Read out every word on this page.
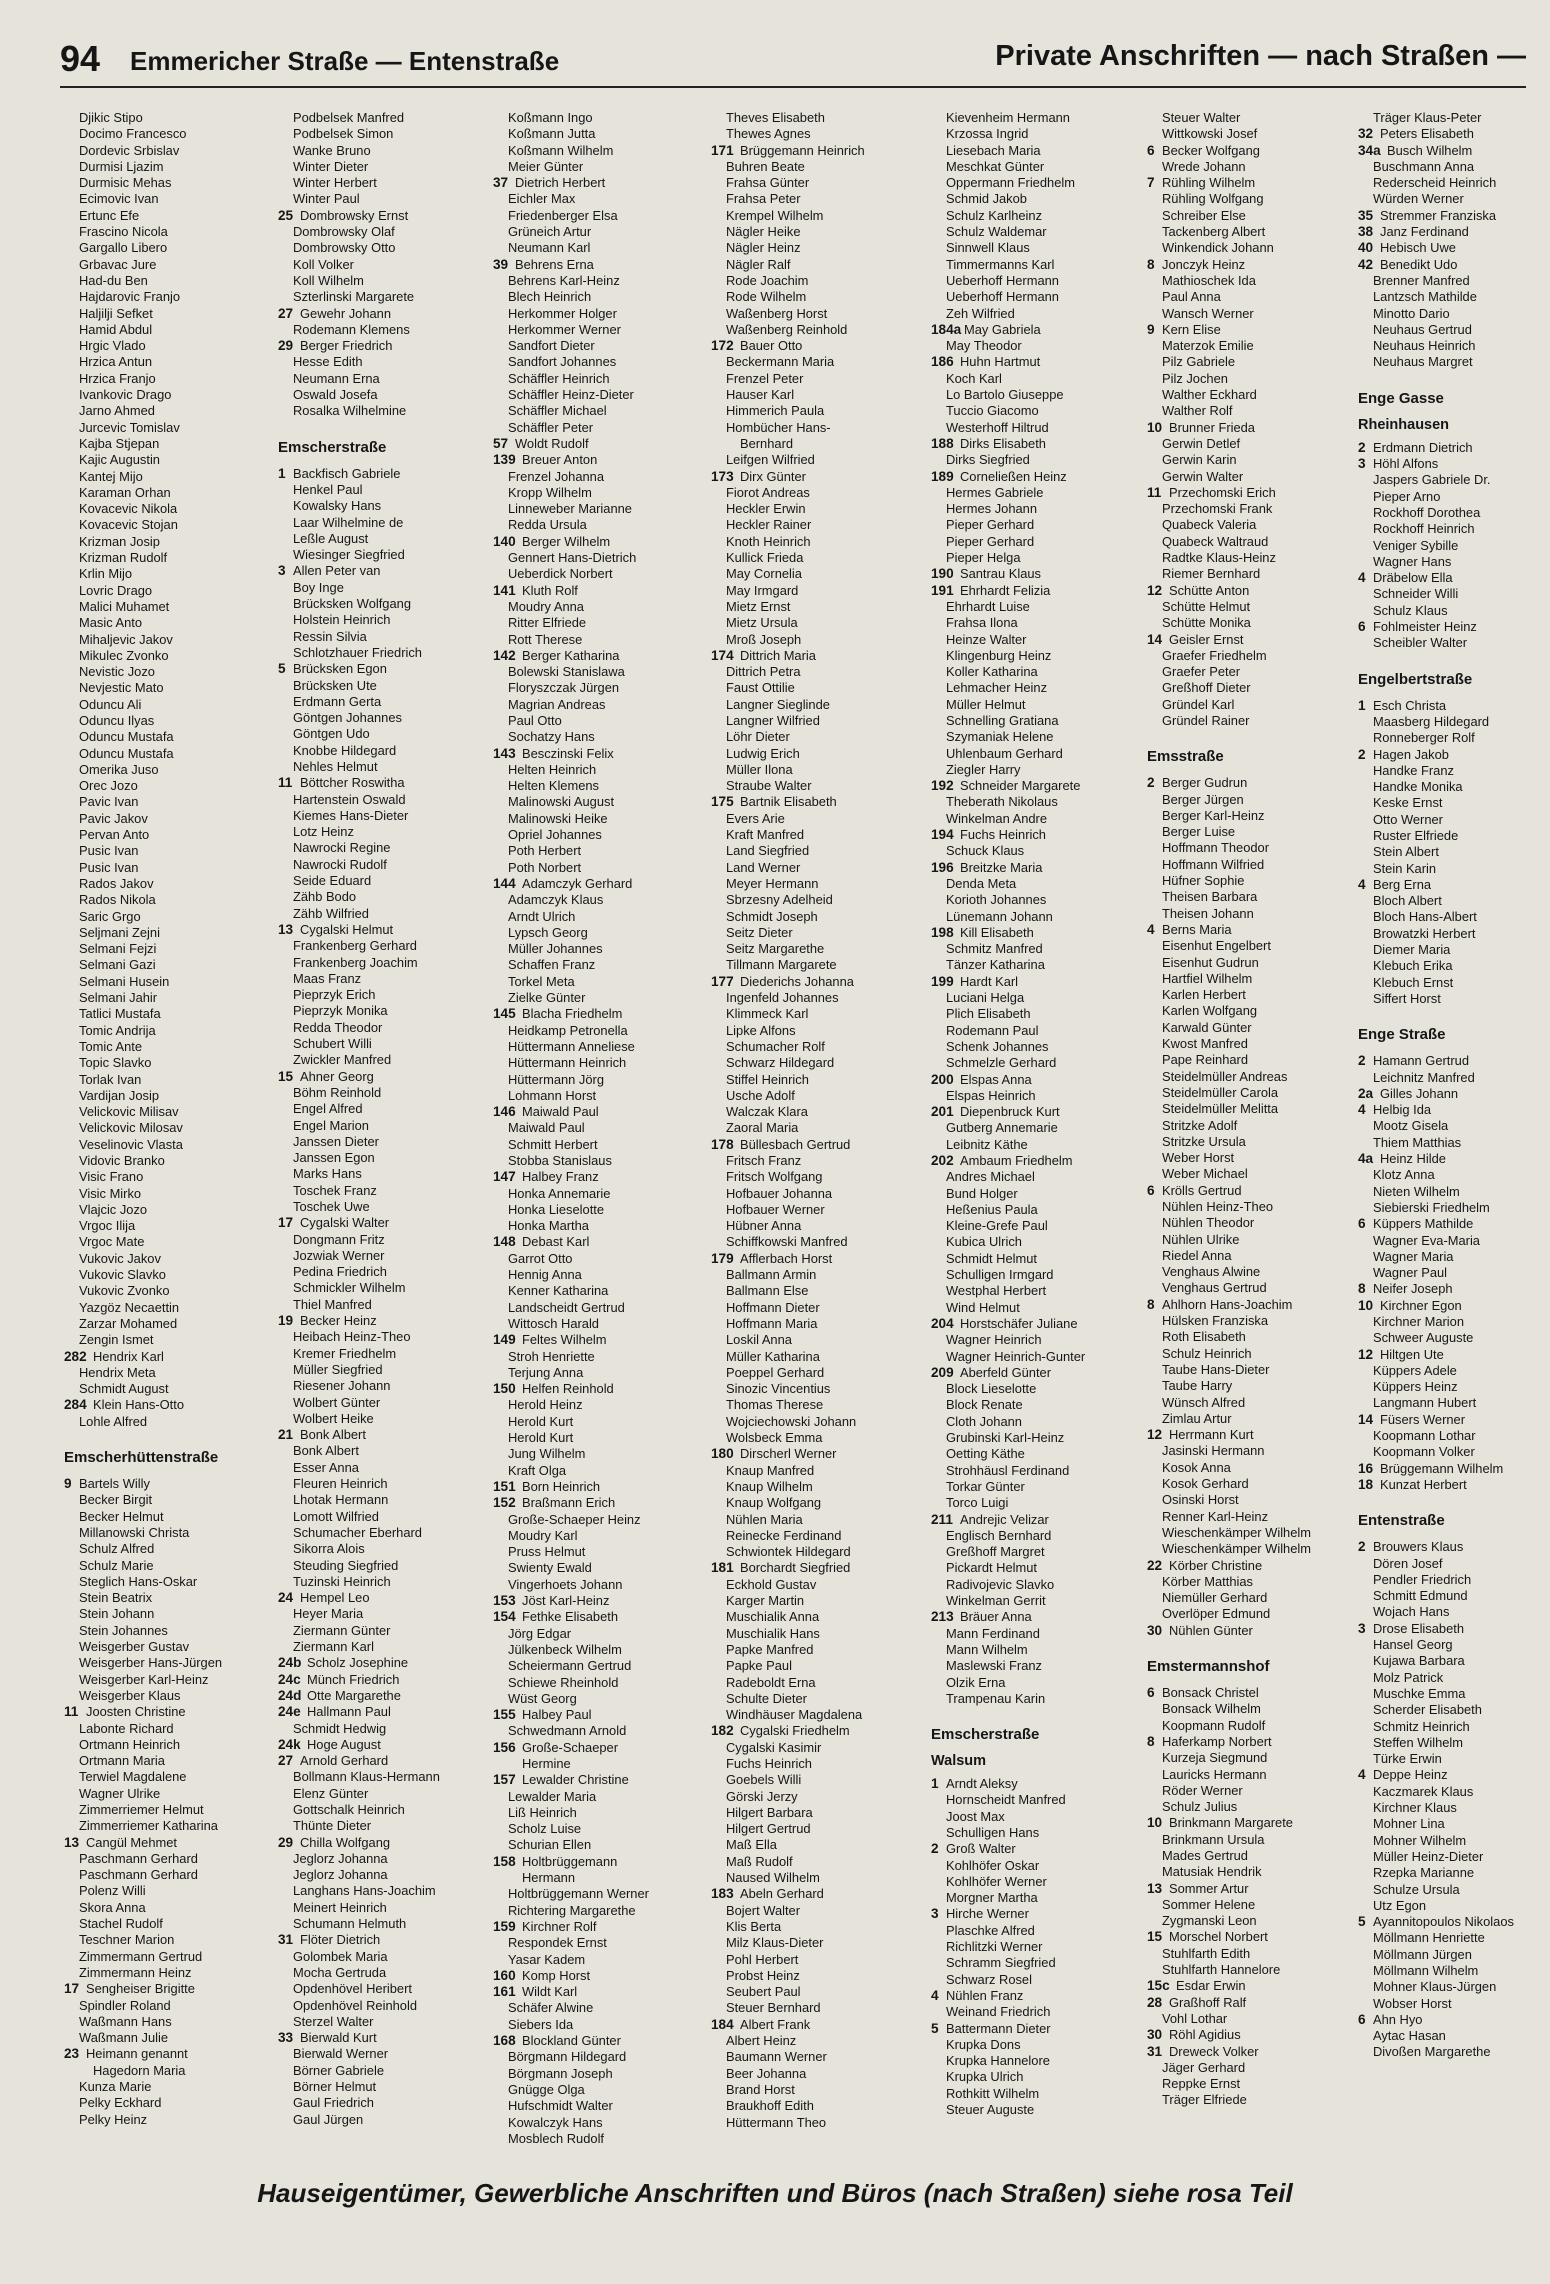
94 Emmericher Straße — Entenstraße	Private Anschriften — nach Straßen —
Djikic Stipo
Docimo Francesco
Dordevic Srbislav
Durmisi Ljazim
Durmisic Mehas
Ecimovic Ivan
Ertunc Efe
Frascino Nicola
Gargallo Libero
Grbavac Jure
Had-du Ben
Hajdarovic Franjo
Haljilji Sefket
Hamid Abdul
Hrgic Vlado
Hrzica Antun
Hrzica Franjo
Ivankovic Drago
Jarno Ahmed
Jurcevic Tomislav
Kajba Stjepan
Kajic Augustin
Kantej Mijo
Karaman Orhan
Kovacevic Nikola
Kovacevic Stojan
Krizman Josip
Krizman Rudolf
Krlin Mijo
Lovric Drago
Malici Muhamet
Masic Anto
Mihaljevic Jakov
Mikulec Zvonko
Nevistic Jozo
Nevjestic Mato
Oduncu Ali
Oduncu Ilyas
Oduncu Mustafa
Oduncu Mustafa
Omerika Juso
Orec Jozo
Pavic Ivan
Pavic Jakov
Pervan Anto
Pusic Ivan
Pusic Ivan
Rados Jakov
Rados Nikola
Saric Grgo
Seljmani Zejni
Selmani Fejzi
Selmani Gazi
Selmani Husein
Selmani Jahir
Tatlici Mustafa
Tomic Andrija
Tomic Ante
Topic Slavko
Torlak Ivan
Vardijan Josip
Velickovic Milisav
Velickovic Milosav
Veselinovic Vlasta
Vidovic Branko
Visic Frano
Visic Mirko
Vlajcic Jozo
Vrgoc Ilija
Vrgoc Mate
Vukovic Jakov
Vukovic Slavko
Vukovic Zvonko
Yazgöz Necaettin
Zarzar Mohamed
Zengin Ismet
282 Hendrix Karl
Hendrix Meta
Schmidt August
284 Klein Hans-Otto
Lohle Alfred
Emscherhüttenstraße
9 Bartels Willy
Becker Birgit
Becker Helmut
Millanowski Christa
Schulz Alfred
Schulz Marie
Steglich Hans-Oskar
Stein Beatrix
Stein Johann
Stein Johannes
Weisgerber Gustav
Weisgerber Hans-Jürgen
Weisgerber Karl-Heinz
Weisgerber Klaus
11 Joosten Christine
Labonte Richard
Ortmann Heinrich
Ortmann Maria
Terwiel Magdalene
Wagner Ulrike
Zimmerriemer Helmut
Zimmerriemer Katharina
13 Cangül Mehmet
Paschmann Gerhard
Paschmann Gerhard
Polenz Willi
Skora Anna
Stachel Rudolf
Teschner Marion
Zimmermann Gertrud
Zimmermann Heinz
17 Sengheiser Brigitte
Spindler Roland
Waßmann Hans
Waßmann Julie
23 Heimann genannt
Hagedorn Maria
Kunza Marie
Pelky Eckhard
Pelky Heinz
Podbelsek Manfred
Podbelsek Simon
Wanke Bruno
Winter Dieter
Winter Herbert
Winter Paul
25 Dombrowsky Ernst
Dombrowsky Olaf
Dombrowsky Otto
Koll Volker
Koll Wilhelm
Szterlinski Margarete
27 Gewehr Johann
Rodemann Klemens
29 Berger Friedrich
Hesse Edith
Neumann Erna
Oswald Josefa
Rosalka Wilhelmine
Emscherstraße
1 Backfisch Gabriele
Henkel Paul
Kowalsky Hans
Laar Wilhelmine de
Leßle August
Wiesinger Siegfried
3 Allen Peter van
Boy Inge
Brücksken Wolfgang
Holstein Heinrich
Ressin Silvia
Schlotzhauer Friedrich
5 Brücksken Egon
Brücksken Ute
Erdmann Gerta
Göntgen Johannes
Göntgen Udo
Knobbe Hildegard
Nehles Helmut
11 Böttcher Roswitha
Hartenstein Oswald
Kiemes Hans-Dieter
Lotz Heinz
Nawrocki Regine
Nawrocki Rudolf
Seide Eduard
Zähb Bodo
Zähb Wilfried
13 Cygalski Helmut
Frankenberg Gerhard
Frankenberg Joachim
Maas Franz
Pieprzyk Erich
Pieprzyk Monika
Redda Theodor
Schubert Willi
Zwickler Manfred
15 Ahner Georg
Böhm Reinhold
Engel Alfred
Engel Marion
Janssen Dieter
Janssen Egon
Marks Hans
Toschek Franz
Toschek Uwe
17 Cygalski Walter
Dongmann Fritz
Jozwiak Werner
Pedina Friedrich
Schmickler Wilhelm
Thiel Manfred
19 Becker Heinz
Heibach Heinz-Theo
Kremer Friedhelm
Müller Siegfried
Riesener Johann
Wolbert Günter
Wolbert Heike
21 Bonk Albert
Bonk Albert
Esser Anna
Fleuren Heinrich
Lhotak Hermann
Lomott Wilfried
Schumacher Eberhard
Sikorra Alois
Steuding Siegfried
Tuzinski Heinrich
24 Hempel Leo
Heyer Maria
Ziermann Günter
Ziermann Karl
24b Scholz Josephine
24c Münch Friedrich
24d Otte Margarethe
24e Hallmann Paul
Schmidt Hedwig
24k Hoge August
27 Arnold Gerhard
Bollmann Klaus-Hermann
Elenz Günter
Gottschalk Heinrich
Thünte Dieter
29 Chilla Wolfgang
Jeglorz Johanna
Jeglorz Johanna
Langhans Hans-Joachim
Meinert Heinrich
Schumann Helmuth
31 Flöter Dietrich
Golombek Maria
Mocha Gertruda
Opdenhövel Heribert
Opdenhövel Reinhold
Sterzel Walter
33 Bierwald Kurt
Bierwald Werner
Börner Gabriele
Börner Helmut
Gaul Friedrich
Gaul Jürgen
Koßmann Ingo
Koßmann Jutta
Koßmann Wilhelm
Meier Günter
37 Dietrich Herbert
Eichler Max
Friedenberger Elsa
Grüneich Artur
Neumann Karl
39 Behrens Erna
Behrens Karl-Heinz
Blech Heinrich
Herkommer Holger
Herkommer Werner
Sandfort Dieter
Sandfort Johannes
Schäffler Heinrich
Schäffler Heinz-Dieter
Schäffler Michael
Schäffler Peter
57 Woldt Rudolf
139 Breuer Anton
Frenzel Johanna
Kropp Wilhelm
Linneweber Marianne
Redda Ursula
140 Berger Wilhelm
Gennert Hans-Dietrich
Ueberdick Norbert
141 Kluth Rolf
Moudry Anna
Ritter Elfriede
Rott Therese
142 Berger Katharina
Bolewski Stanislawa
Floryszczak Jürgen
Magrian Andreas
Paul Otto
Sochatzy Hans
143 Besczinski Felix
Helten Heinrich
Helten Klemens
Malinowski August
Malinowski Heike
Opriel Johannes
Poth Herbert
Poth Norbert
144 Adamczyk Gerhard
Adamczyk Klaus
Arndt Ulrich
Lypsch Georg
Müller Johannes
Schaffen Franz
Torkel Meta
Zielke Günter
145 Blacha Friedhelm
Heidkamp Petronella
Hüttermann Anneliese
Hüttermann Heinrich
Hüttermann Jörg
Lohmann Horst
146 Maiwald Paul
Maiwald Paul
Schmitt Herbert
Stobba Stanislaus
147 Halbey Franz
Honka Annemarie
Honka Lieselotte
Honka Martha
148 Debast Karl
Garrot Otto
Hennig Anna
Kenner Katharina
Landscheidt Gertrud
Wittosch Harald
149 Feltes Wilhelm
Stroh Henriette
Terjung Anna
150 Helfen Reinhold
Herold Heinz
Herold Kurt
Herold Kurt
Jung Wilhelm
Kraft Olga
151 Born Heinrich
152 Braßmann Erich
Große-Schaeper Heinz
Moudry Karl
Pruss Helmut
Swienty Ewald
Vingerhoets Johann
153 Jöst Karl-Heinz
154 Fethke Elisabeth
Jörg Edgar
Jülkenbeck Wilhelm
Scheiermann Gertrud
Schiewe Rheinhold
Wüst Georg
155 Halbey Paul
Schwedmann Arnold
156 Große-Schaeper
Hermine
157 Lewalder Christine
Lewalder Maria
Liß Heinrich
Scholz Luise
Schurian Ellen
158 Holtbrüggemann
Hermann
Holtbrüggemann Werner
Richtering Margarethe
159 Kirchner Rolf
Respondek Ernst
Yasar Kadem
160 Komp Horst
161 Wildt Karl
Schäfer Alwine
Siebers Ida
168 Blockland Günter
Börgmann Hildegard
Börgmann Joseph
Gnügge Olga
Hufschmidt Walter
Kowalczyk Hans
Mosblech Rudolf
Theves Elisabeth
Thewes Agnes
171 Brüggemann Heinrich
Buhren Beate
Frahsa Günter
Frahsa Peter
Krempel Wilhelm
Nägler Heike
Nägler Heinz
Nägler Ralf
Rode Joachim
Rode Wilhelm
Waßenberg Horst
Waßenberg Reinhold
172 Bauer Otto
Beckermann Maria
Frenzel Peter
Hauser Karl
Himmerich Paula
Hombücher Hans-
Bernhard
Leifgen Wilfried
173 Dirx Günter
Fiorot Andreas
Heckler Erwin
Heckler Rainer
Knoth Heinrich
Kullick Frieda
May Cornelia
May Irmgard
Mietz Ernst
Mietz Ursula
Mroß Joseph
174 Dittrich Maria
Dittrich Petra
Faust Ottilie
Langner Sieglinde
Langner Wilfried
Löhr Dieter
Ludwig Erich
Müller Ilona
Straube Walter
175 Bartnik Elisabeth
Evers Arie
Kraft Manfred
Land Siegfried
Land Werner
Meyer Hermann
Sbrzesny Adelheid
Schmidt Joseph
Seitz Dieter
Seitz Margarethe
Tillmann Margarete
177 Diederichs Johanna
Ingenfeld Johannes
Klimmeck Karl
Lipke Alfons
Schumacher Rolf
Schwarz Hildegard
Stiffel Heinrich
Usche Adolf
Walczak Klara
Zaoral Maria
178 Büllesbach Gertrud
Fritsch Franz
Fritsch Wolfgang
Hofbauer Johanna
Hofbauer Werner
Hübner Anna
Schiffkowski Manfred
179 Afflerbach Horst
Ballmann Armin
Ballmann Else
Hoffmann Dieter
Hoffmann Maria
Loskil Anna
Müller Katharina
Poeppel Gerhard
Sinozic Vincentius
Thomas Therese
Wojciechowski Johann
Wolsbeck Emma
180 Dirscherl Werner
Knaup Manfred
Knaup Wilhelm
Knaup Wolfgang
Nühlen Maria
Reinecke Ferdinand
Schwiontek Hildegard
181 Borchardt Siegfried
Eckhold Gustav
Karger Martin
Muschialik Anna
Muschialik Hans
Papke Manfred
Papke Paul
Radeboldt Erna
Schulte Dieter
Windhäuser Magdalena
182 Cygalski Friedhelm
Cygalski Kasimir
Fuchs Heinrich
Goebels Willi
Görski Jerzy
Hilgert Barbara
Hilgert Gertrud
Maß Ella
Maß Rudolf
Naused Wilhelm
183 Abeln Gerhard
Bojert Walter
Klis Berta
Milz Klaus-Dieter
Pohl Herbert
Probst Heinz
Seubert Paul
Steuer Bernhard
184 Albert Frank
Albert Heinz
Baumann Werner
Beer Johanna
Brand Horst
Braukhoff Edith
Hüttermann Theo
Kievenheim Hermann
Krzossa Ingrid
Liesebach Maria
Meschkat Günter
Oppermann Friedhelm
Schmid Jakob
Schulz Karlheinz
Schulz Waldemar
Sinnwell Klaus
Timmermanns Karl
Ueberhoff Hermann
Ueberhoff Hermann
Zeh Wilfried
184a May Gabriela
May Theodor
186 Huhn Hartmut
Koch Karl
Lo Bartolo Giuseppe
Tuccio Giacomo
Westerhoff Hiltrud
188 Dirks Elisabeth
Dirks Siegfried
189 Corneließen Heinz
Hermes Gabriele
Hermes Johann
Pieper Gerhard
Pieper Gerhard
Pieper Helga
190 Santrau Klaus
191 Ehrhardt Felizia
Ehrhardt Luise
Frahsa Ilona
Heinze Walter
Klingenburg Heinz
Koller Katharina
Lehmacher Heinz
Müller Helmut
Schnelling Gratiana
Szymaniak Helene
Uhlenbaum Gerhard
Ziegler Harry
192 Schneider Margarete
Theberath Nikolaus
Winkelman Andre
194 Fuchs Heinrich
Schuck Klaus
196 Breitzke Maria
Denda Meta
Korioth Johannes
Lünemann Johann
198 Kill Elisabeth
Schmitz Manfred
Tänzer Katharina
199 Hardt Karl
Luciani Helga
Plich Elisabeth
Rodemann Paul
Schenk Johannes
Schmelzle Gerhard
200 Elspas Anna
Elspas Heinrich
201 Diepenbruck Kurt
Gutberg Annemarie
Leibnitz Käthe
202 Ambaum Friedhelm
Andres Michael
Bund Holger
Heßenius Paula
Kleine-Grefe Paul
Kubica Ulrich
Schmidt Helmut
Schulligen Irmgard
Westphal Herbert
Wind Helmut
204 Horstschäfer Juliane
Wagner Heinrich
Wagner Heinrich-Gunter
209 Aberfeld Günter
Block Lieselotte
Block Renate
Cloth Johann
Grubinski Karl-Heinz
Oetting Käthe
Strohhäusl Ferdinand
Torkar Günter
Torco Luigi
211 Andrejic Velizar
Englisch Bernhard
Greßhoff Margret
Pickardt Helmut
Radivojevic Slavko
Winkelman Gerrit
213 Bräuer Anna
Mann Ferdinand
Mann Wilhelm
Maslewski Franz
Olzik Erna
Trampenau Karin
Emscherstraße
Walsum
1 Arndt Aleksy
Hornscheidt Manfred
Joost Max
Schulligen Hans
2 Groß Walter
Kohlhöfer Oskar
Kohlhöfer Werner
Morgner Martha
3 Hirche Werner
Plaschke Alfred
Richlitzki Werner
Schramm Siegfried
Schwarz Rosel
4 Nühlen Franz
Weinand Friedrich
5 Battermann Dieter
Krupka Dons
Krupka Hannelore
Krupka Ulrich
Rothkitt Wilhelm
Steuer Auguste
Steuer Walter
Wittkowski Josef
6 Becker Wolfgang
Wrede Johann
7 Rühling Wilhelm
Rühling Wolfgang
Schreiber Else
Tackenberg Albert
Winkendick Johann
8 Jonczyk Heinz
Mathioschek Ida
Paul Anna
Wansch Werner
9 Kern Elise
Materzok Emilie
Pilz Gabriele
Pilz Jochen
Walther Eckhard
Walther Rolf
10 Brunner Frieda
Gerwin Detlef
Gerwin Karin
Gerwin Walter
11 Przechomski Erich
Przechomski Frank
Quabeck Valeria
Quabeck Waltraud
Radtke Klaus-Heinz
Riemer Bernhard
12 Schütte Anton
Schütte Helmut
Schütte Monika
14 Geisler Ernst
Graefer Friedhelm
Graefer Peter
Greßhoff Dieter
Gründel Karl
Gründel Rainer
Emsstraße
2 Berger Gudrun
Berger Jürgen
Berger Karl-Heinz
Berger Luise
Hoffmann Theodor
Hoffmann Wilfried
Hüfner Sophie
Theisen Barbara
Theisen Johann
4 Berns Maria
Eisenhut Engelbert
Eisenhut Gudrun
Hartfiel Wilhelm
Karlen Herbert
Karlen Wolfgang
Karwald Günter
Kwost Manfred
Pape Reinhard
Steidelmüller Andreas
Steidelmüller Carola
Steidelmüller Melitta
Stritzke Adolf
Stritzke Ursula
Weber Horst
Weber Michael
6 Krölls Gertrud
Nühlen Heinz-Theo
Nühlen Theodor
Nühlen Ulrike
Riedel Anna
Venghaus Alwine
Venghaus Gertrud
8 Ahlhorn Hans-Joachim
Hülsken Franziska
Roth Elisabeth
Schulz Heinrich
Taube Hans-Dieter
Taube Harry
Wünsch Alfred
Zimlau Artur
12 Herrmann Kurt
Jasinski Hermann
Kosok Anna
Kosok Gerhard
Osinski Horst
Renner Karl-Heinz
Wieschenkämper Wilhelm
Wieschenkämper Wilhelm
22 Körber Christine
Körber Matthias
Niemüller Gerhard
Overlöper Edmund
30 Nühlen Günter
Emstermannshof
6 Bonsack Christel
Bonsack Wilhelm
Koopmann Rudolf
8 Haferkamp Norbert
Kurzeja Siegmund
Lauricks Hermann
Röder Werner
Schulz Julius
10 Brinkmann Margarete
Brinkmann Ursula
Mades Gertrud
Matusiak Hendrik
13 Sommer Artur
Sommer Helene
Zygmanski Leon
15 Morschel Norbert
Stuhlfarth Edith
Stuhlfarth Hannelore
15c Esdar Erwin
28 Graßhoff Ralf
Vohl Lothar
30 Röhl Agidius
31 Dreweck Volker
Jäger Gerhard
Reppke Ernst
Träger Elfriede
Träger Klaus-Peter
32 Peters Elisabeth
34a Busch Wilhelm
Buschmann Anna
Rederscheid Heinrich
Würden Werner
35 Stremmer Franziska
38 Janz Ferdinand
40 Hebisch Uwe
42 Benedikt Udo
Brenner Manfred
Lantzsch Mathilde
Minotto Dario
Neuhaus Gertrud
Neuhaus Heinrich
Neuhaus Margret
Enge Gasse
Rheinhausen
2 Erdmann Dietrich
3 Höhl Alfons
Jaspers Gabriele Dr.
Pieper Arno
Rockhoff Dorothea
Rockhoff Heinrich
Veniger Sybille
Wagner Hans
4 Dräbelow Ella
Schneider Willi
Schulz Klaus
6 Fohlmeister Heinz
Scheibler Walter
Engelbertstraße
1 Esch Christa
Maasberg Hildegard
Ronneberger Rolf
2 Hagen Jakob
Handke Franz
Handke Monika
Keske Ernst
Otto Werner
Ruster Elfriede
Stein Albert
Stein Karin
4 Berg Erna
Bloch Albert
Bloch Hans-Albert
Browatzki Herbert
Diemer Maria
Klebuch Erika
Klebuch Ernst
Siffert Horst
Enge Straße
2 Hamann Gertrud
Leichnitz Manfred
2a Gilles Johann
4 Helbig Ida
Mootz Gisela
Thiem Matthias
4a Heinz Hilde
Klotz Anna
Nieten Wilhelm
Siebierski Friedhelm
6 Küppers Mathilde
Wagner Eva-Maria
Wagner Maria
Wagner Paul
8 Neifer Joseph
10 Kirchner Egon
Kirchner Marion
Schweer Auguste
12 Hiltgen Ute
Küppers Adele
Küppers Heinz
Langmann Hubert
14 Füsers Werner
Koopmann Lothar
Koopmann Volker
16 Brüggemann Wilhelm
18 Kunzat Herbert
Entenstraße
2 Brouwers Klaus
Dören Josef
Pendler Friedrich
Schmitt Edmund
Wojach Hans
3 Drose Elisabeth
Hansel Georg
Kujawa Barbara
Molz Patrick
Muschke Emma
Scherder Elisabeth
Schmitz Heinrich
Steffen Wilhelm
Türke Erwin
4 Deppe Heinz
Kaczmarek Klaus
Kirchner Klaus
Mohner Lina
Mohner Wilhelm
Müller Heinz-Dieter
Rzepka Marianne
Schulze Ursula
Utz Egon
5 Ayannitopoulos Nikolaos
Möllmann Henriette
Möllmann Jürgen
Möllmann Wilhelm
Mohner Klaus-Jürgen
Wobser Horst
6 Ahn Hyo
Aytac Hasan
Divoßen Margarethe
Hauseigentümer, Gewerbliche Anschriften und Büros (nach Straßen) siehe rosa Teil
